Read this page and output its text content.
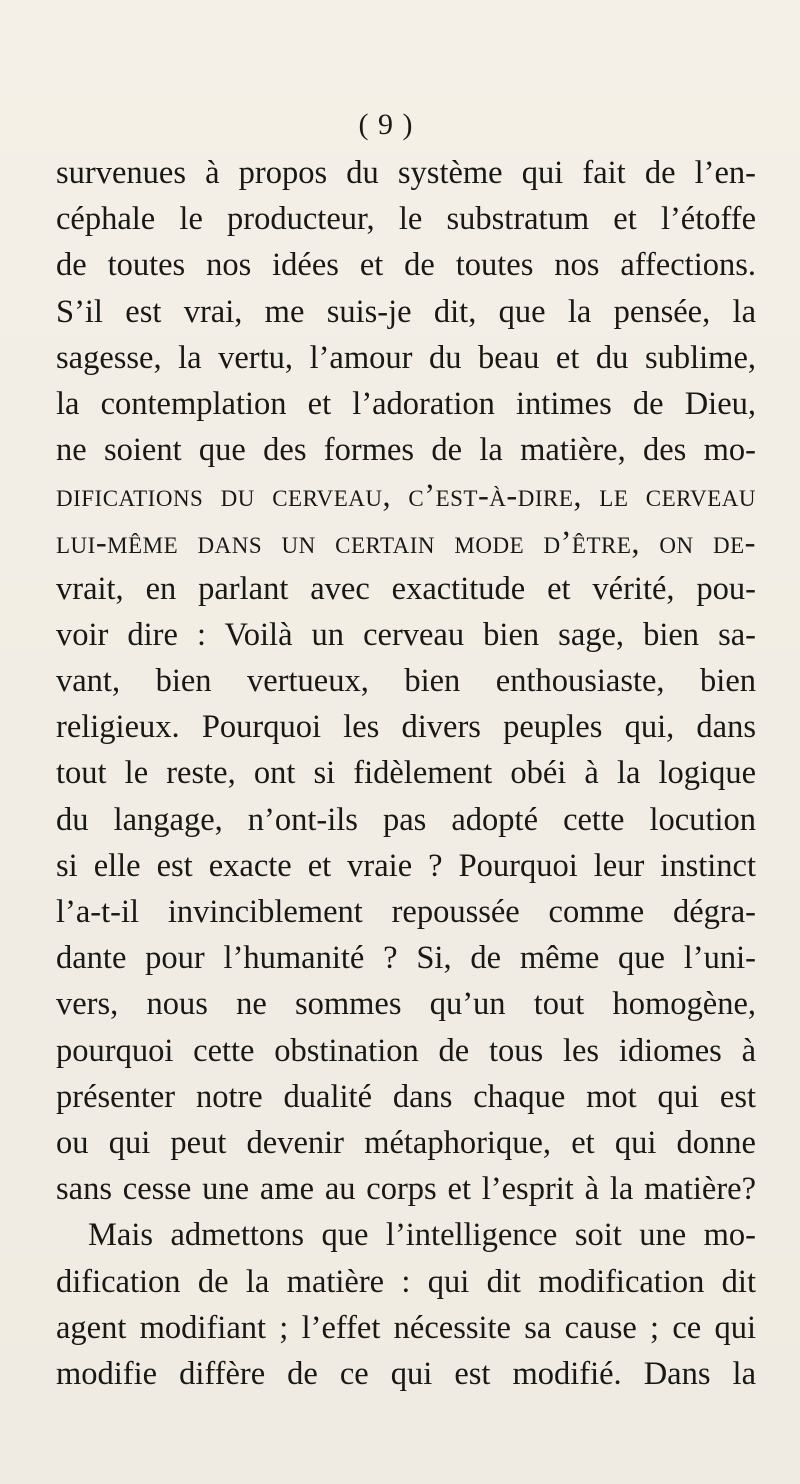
( 9 )
survenues à propos du système qui fait de l’en-
céphale le producteur, le substratum et l’étoffe
de toutes nos idées et de toutes nos affections.
S’il est vrai, me suis-je dit, que la pensée, la
sagesse, la vertu, l’amour du beau et du sublime,
la contemplation et l’adoration intimes de Dieu,
ne soient que des formes de la matière, des mo-
difications du cerveau, c’est-à-dire, le cerveau
lui-même dans un certain mode d’être, on de-
vrait, en parlant avec exactitude et vérité, pou-
voir dire : Voilà un cerveau bien sage, bien sa-
vant, bien vertueux, bien enthousiaste, bien
religieux. Pourquoi les divers peuples qui, dans
tout le reste, ont si fidèlement obéi à la logique
du langage, n’ont-ils pas adopté cette locution
si elle est exacte et vraie ? Pourquoi leur instinct
l’a-t-il invinciblement repoussée comme dégra-
dante pour l’humanité ? Si, de même que l’uni-
vers, nous ne sommes qu’un tout homogène,
pourquoi cette obstination de tous les idiomes à
présenter notre dualité dans chaque mot qui est
ou qui peut devenir métaphorique, et qui donne
sans cesse une ame au corps et l’esprit à la matière?
Mais admettons que l’intelligence soit une mo-
dification de la matière : qui dit modification dit
agent modifiant ; l’effet nécessite sa cause ; ce qui
modifie diffère de ce qui est modifié. Dans la
